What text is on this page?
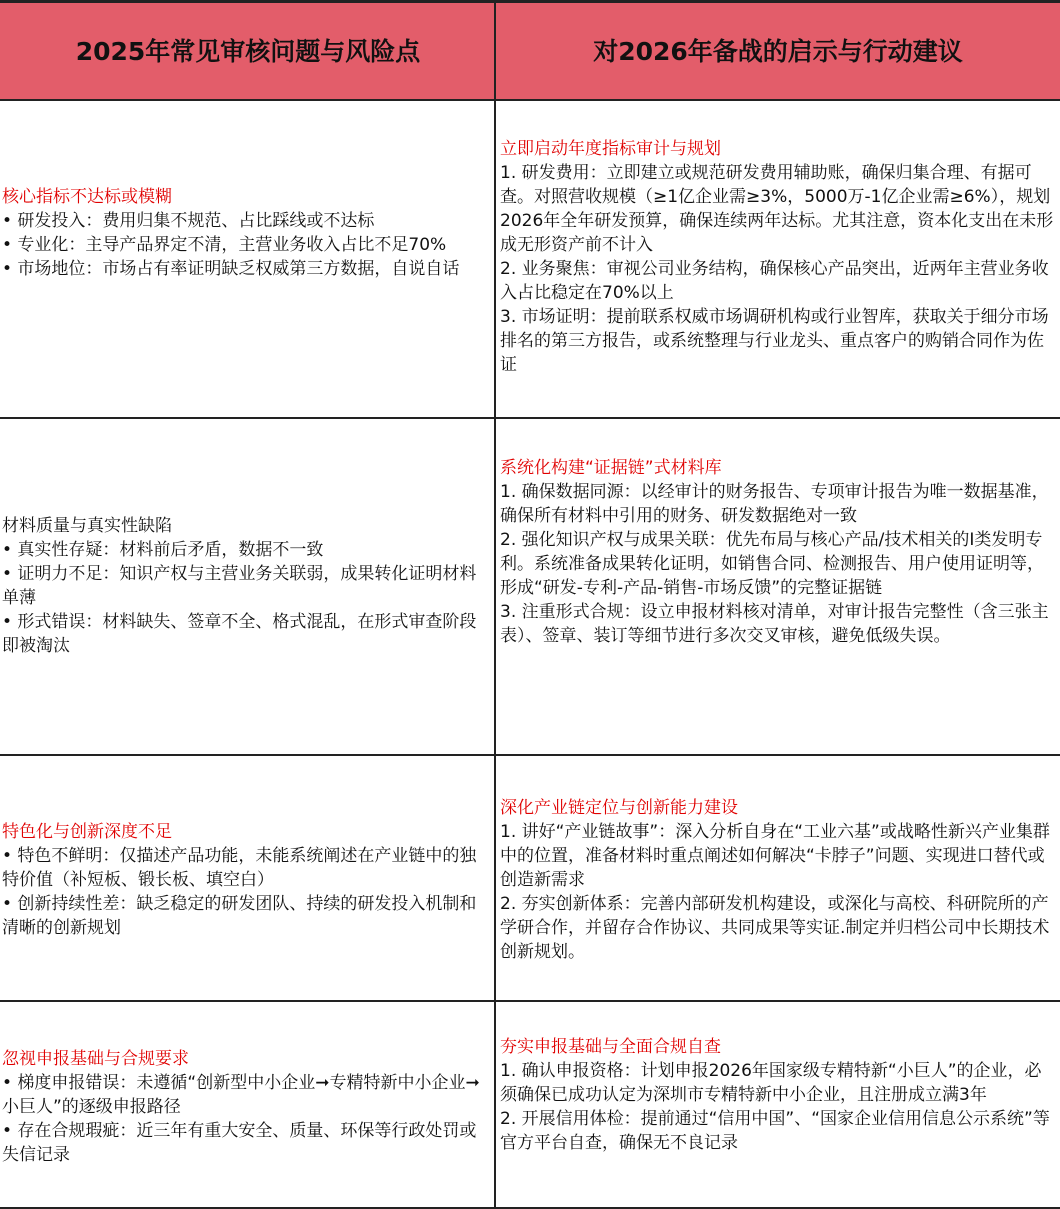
2025年常见审核问题与风险点	对2026年备战的启示与行动建议
核心指标不达标或模糊
• 研发投入：费用归集不规范、占比踩线或不达标
• 专业化：主导产品界定不清，主营业务收入占比不足70%
• 市场地位：市场占有率证明缺乏权威第三方数据，自说自话
立即启动年度指标审计与规划
1. 研发费用：立即建立或规范研发费用辅助账，确保归集合理、有据可查。对照营收规模（≥1亿企业需≥3%，5000万-1亿企业需≥6%），规划2026年全年研发预算，确保连续两年达标。尤其注意，资本化支出在未形成无形资产前不计入
2. 业务聚焦：审视公司业务结构，确保核心产品突出，近两年主营业务收入占比稳定在70%以上
3. 市场证明：提前联系权威市场调研机构或行业智库，获取关于细分市场排名的第三方报告，或系统整理与行业龙头、重点客户的购销合同作为佐证
材料质量与真实性缺陷
• 真实性存疑：材料前后矛盾，数据不一致
• 证明力不足：知识产权与主营业务关联弱，成果转化证明材料单薄
• 形式错误：材料缺失、签章不全、格式混乱，在形式审查阶段即被淘汰
系统化构建“证据链”式材料库
1. 确保数据同源：以经审计的财务报告、专项审计报告为唯一数据基准，确保所有材料中引用的财务、研发数据绝对一致
2. 强化知识产权与成果关联：优先布局与核心产品/技术相关的I类发明专利。系统准备成果转化证明，如销售合同、检测报告、用户使用证明等，形成“研发-专利-产品-销售-市场反馈”的完整证据链
3. 注重形式合规：设立申报材料核对清单，对审计报告完整性（含三张主表）、签章、装订等细节进行多次交叉审核，避免低级失误。
特色化与创新深度不足
• 特色不鲜明：仅描述产品功能，未能系统阐述在产业链中的独特价值（补短板、锻长板、填空白）
• 创新持续性差：缺乏稳定的研发团队、持续的研发投入机制和清晰的创新规划
深化产业链定位与创新能力建设
1. 讲好“产业链故事”：深入分析自身在“工业六基”或战略性新兴产业集群中的位置，准备材料时重点阐述如何解决“卡脖子”问题、实现进口替代或创造新需求
2. 夯实创新体系：完善内部研发机构建设，或深化与高校、科研院所的产学研合作，并留存合作协议、共同成果等实证.制定并归档公司中长期技术创新规划。
忽视申报基础与合规要求
• 梯度申报错误：未遵循“创新型中小企业➞专精特新中小企业➞小巨人”的逐级申报路径
• 存在合规瑕疵：近三年有重大安全、质量、环保等行政处罚或失信记录
夯实申报基础与全面合规自查
1. 确认申报资格：计划申报2026年国家级专精特新“小巨人”的企业，必须确保已成功认定为深圳市专精特新中小企业，且注册成立满3年
2. 开展信用体检：提前通过“信用中国”、“国家企业信用信息公示系统”等官方平台自查，确保无不良记录
